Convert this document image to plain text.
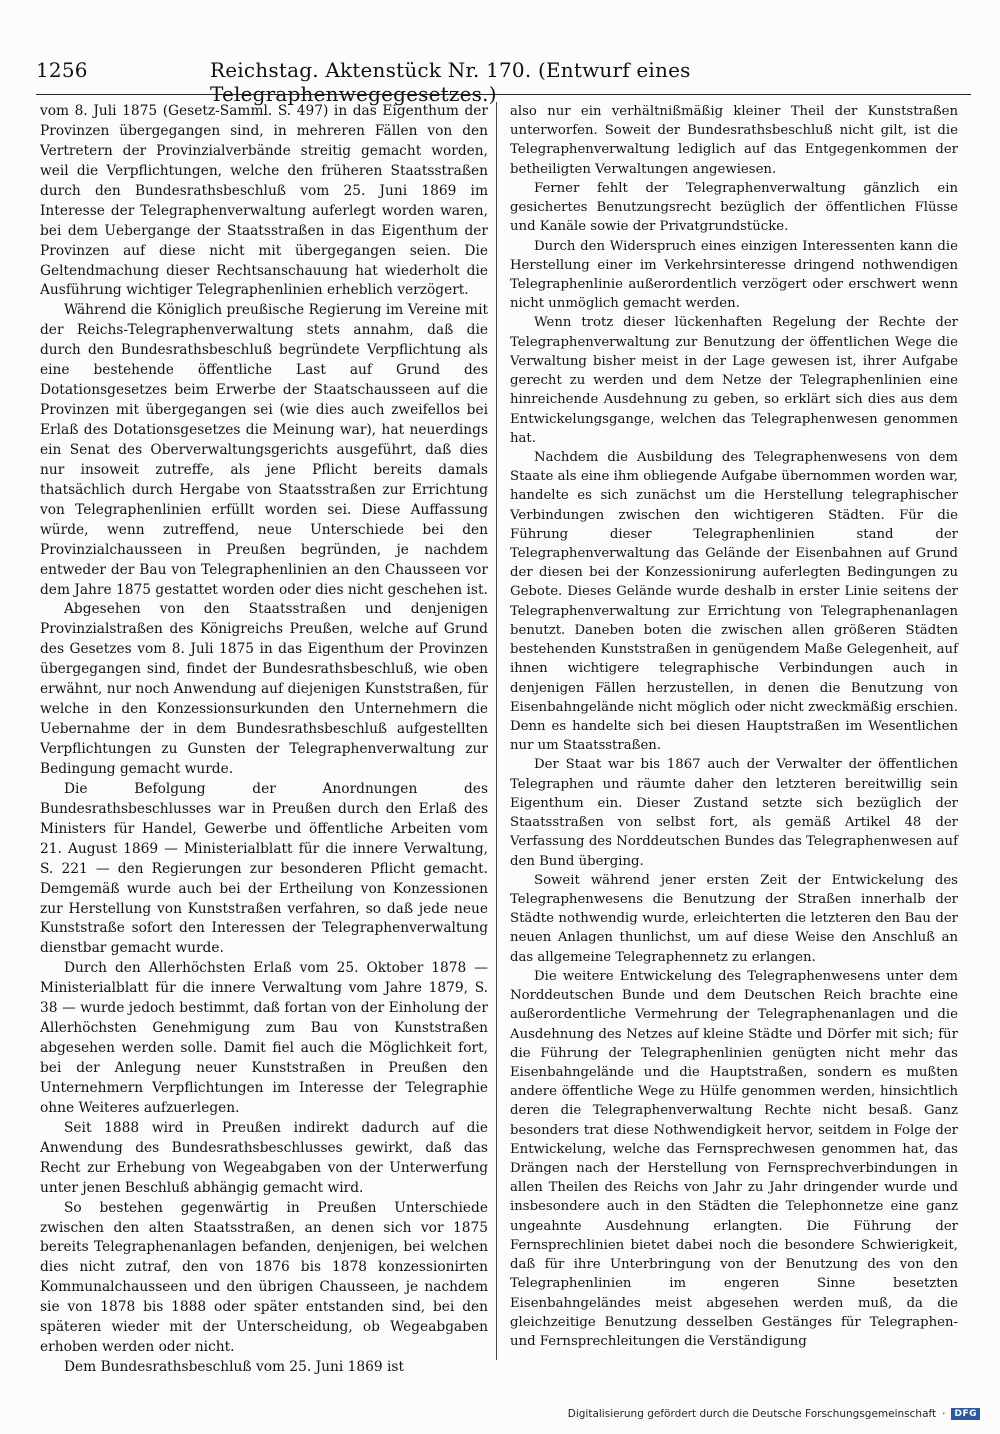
1256	Reichstag. Aktenstück Nr. 170. (Entwurf eines Telegraphenwegegesetzes.)

vom 8. Juli 1875 (Gesetz-Samml. S. 497) in das Eigenthum der Provinzen übergegangen sind, in mehreren Fällen von den Vertretern der Provinzialverbände streitig gemacht worden, weil die Verpflichtungen, welche den früheren Staatsstraßen durch den Bundesrathsbeschluß vom 25. Juni 1869 im Interesse der Telegraphenverwaltung auferlegt worden waren, bei dem Uebergange der Staatsstraßen in das Eigenthum der Provinzen auf diese nicht mit übergegangen seien. Die Geltendmachung dieser Rechtsanschauung hat wiederholt die Ausführung wichtiger Telegraphenlinien erheblich verzögert.

Während die Königlich preußische Regierung im Vereine mit der Reichs-Telegraphenverwaltung stets annahm, daß die durch den Bundesrathsbeschluß begründete Verpflichtung als eine bestehende öffentliche Last auf Grund des Dotationsgesetzes beim Erwerbe der Staatschausseen auf die Provinzen mit übergegangen sei (wie dies auch zweifellos bei Erlaß des Dotationsgesetzes die Meinung war), hat neuerdings ein Senat des Oberverwaltungsgerichts ausgeführt, daß dies nur insoweit zutreffe, als jene Pflicht bereits damals thatsächlich durch Hergabe von Staatsstraßen zur Errichtung von Telegraphenlinien erfüllt worden sei. Diese Auffassung würde, wenn zutreffend, neue Unterschiede bei den Provinzialchausseen in Preußen begründen, je nachdem entweder der Bau von Telegraphenlinien an den Chausseen vor dem Jahre 1875 gestattet worden oder dies nicht geschehen ist.

Abgesehen von den Staatsstraßen und denjenigen Provinzialstraßen des Königreichs Preußen, welche auf Grund des Gesetzes vom 8. Juli 1875 in das Eigenthum der Provinzen übergegangen sind, findet der Bundesrathsbeschluß, wie oben erwähnt, nur noch Anwendung auf diejenigen Kunststraßen, für welche in den Konzessionsurkunden den Unternehmern die Uebernahme der in dem Bundesrathsbeschluß aufgestellten Verpflichtungen zu Gunsten der Telegraphenverwaltung zur Bedingung gemacht wurde.

Die Befolgung der Anordnungen des Bundesrathsbeschlusses war in Preußen durch den Erlaß des Ministers für Handel, Gewerbe und öffentliche Arbeiten vom 21. August 1869 — Ministerialblatt für die innere Verwaltung, S. 221 — den Regierungen zur besonderen Pflicht gemacht. Demgemäß wurde auch bei der Ertheilung von Konzessionen zur Herstellung von Kunststraßen verfahren, so daß jede neue Kunststraße sofort den Interessen der Telegraphenverwaltung dienstbar gemacht wurde.

Durch den Allerhöchsten Erlaß vom 25. Oktober 1878 — Ministerialblatt für die innere Verwaltung vom Jahre 1879, S. 38 — wurde jedoch bestimmt, daß fortan von der Einholung der Allerhöchsten Genehmigung zum Bau von Kunststraßen abgesehen werden solle. Damit fiel auch die Möglichkeit fort, bei der Anlegung neuer Kunststraßen in Preußen den Unternehmern Verpflichtungen im Interesse der Telegraphie ohne Weiteres aufzuerlegen.

Seit 1888 wird in Preußen indirekt dadurch auf die Anwendung des Bundesrathsbeschlusses gewirkt, daß das Recht zur Erhebung von Wegeabgaben von der Unterwerfung unter jenen Beschluß abhängig gemacht wird.

So bestehen gegenwärtig in Preußen Unterschiede zwischen den alten Staatsstraßen, an denen sich vor 1875 bereits Telegraphenanlagen befanden, denjenigen, bei welchen dies nicht zutraf, den von 1876 bis 1878 konzessionirten Kommunalchausseen und den übrigen Chausseen, je nachdem sie von 1878 bis 1888 oder später entstanden sind, bei den späteren wieder mit der Unterscheidung, ob Wegeabgaben erhoben werden oder nicht.

Dem Bundesrathsbeschluß vom 25. Juni 1869 ist

also nur ein verhältnißmäßig kleiner Theil der Kunststraßen unterworfen. Soweit der Bundesrathsbeschluß nicht gilt, ist die Telegraphenverwaltung lediglich auf das Entgegenkommen der betheiligten Verwaltungen angewiesen.

Ferner fehlt der Telegraphenverwaltung gänzlich ein gesichertes Benutzungsrecht bezüglich der öffentlichen Flüsse und Kanäle sowie der Privatgrundstücke.

Durch den Widerspruch eines einzigen Interessenten kann die Herstellung einer im Verkehrsinteresse dringend nothwendigen Telegraphenlinie außerordentlich verzögert oder erschwert wenn nicht unmöglich gemacht werden.

Wenn trotz dieser lückenhaften Regelung der Rechte der Telegraphenverwaltung zur Benutzung der öffentlichen Wege die Verwaltung bisher meist in der Lage gewesen ist, ihrer Aufgabe gerecht zu werden und dem Netze der Telegraphenlinien eine hinreichende Ausdehnung zu geben, so erklärt sich dies aus dem Entwickelungsgange, welchen das Telegraphenwesen genommen hat.

Nachdem die Ausbildung des Telegraphenwesens von dem Staate als eine ihm obliegende Aufgabe übernommen worden war, handelte es sich zunächst um die Herstellung telegraphischer Verbindungen zwischen den wichtigeren Städten. Für die Führung dieser Telegraphenlinien stand der Telegraphenverwaltung das Gelände der Eisenbahnen auf Grund der diesen bei der Konzessionirung auferlegten Bedingungen zu Gebote. Dieses Gelände wurde deshalb in erster Linie seitens der Telegraphenverwaltung zur Errichtung von Telegraphenanlagen benutzt. Daneben boten die zwischen allen größeren Städten bestehenden Kunststraßen in genügendem Maße Gelegenheit, auf ihnen wichtigere telegraphische Verbindungen auch in denjenigen Fällen herzustellen, in denen die Benutzung von Eisenbahngelände nicht möglich oder nicht zweckmäßig erschien. Denn es handelte sich bei diesen Hauptstraßen im Wesentlichen nur um Staatsstraßen.

Der Staat war bis 1867 auch der Verwalter der öffentlichen Telegraphen und räumte daher den letzteren bereitwillig sein Eigenthum ein. Dieser Zustand setzte sich bezüglich der Staatsstraßen von selbst fort, als gemäß Artikel 48 der Verfassung des Norddeutschen Bundes das Telegraphenwesen auf den Bund überging.

Soweit während jener ersten Zeit der Entwickelung des Telegraphenwesens die Benutzung der Straßen innerhalb der Städte nothwendig wurde, erleichterten die letzteren den Bau der neuen Anlagen thunlichst, um auf diese Weise den Anschluß an das allgemeine Telegraphennetz zu erlangen.

Die weitere Entwickelung des Telegraphenwesens unter dem Norddeutschen Bunde und dem Deutschen Reich brachte eine außerordentliche Vermehrung der Telegraphenanlagen und die Ausdehnung des Netzes auf kleine Städte und Dörfer mit sich; für die Führung der Telegraphenlinien genügten nicht mehr das Eisenbahngelände und die Hauptstraßen, sondern es mußten andere öffentliche Wege zu Hülfe genommen werden, hinsichtlich deren die Telegraphenverwaltung Rechte nicht besaß. Ganz besonders trat diese Nothwendigkeit hervor, seitdem in Folge der Entwickelung, welche das Fernsprechwesen genommen hat, das Drängen nach der Herstellung von Fernsprechverbindungen in allen Theilen des Reichs von Jahr zu Jahr dringender wurde und insbesondere auch in den Städten die Telephonnetze eine ganz ungeahnte Ausdehnung erlangten. Die Führung der Fernsprechlinien bietet dabei noch die besondere Schwierigkeit, daß für ihre Unterbringung von der Benutzung des von den Telegraphenlinien im engeren Sinne besetzten Eisenbahngeländes meist abgesehen werden muß, da die gleichzeitige Benutzung desselben Gestänges für Telegraphen- und Fernsprechleitungen die Verständigung

Digitalisierung gefördert durch die Deutsche Forschungsgemeinschaft ·	DFG
